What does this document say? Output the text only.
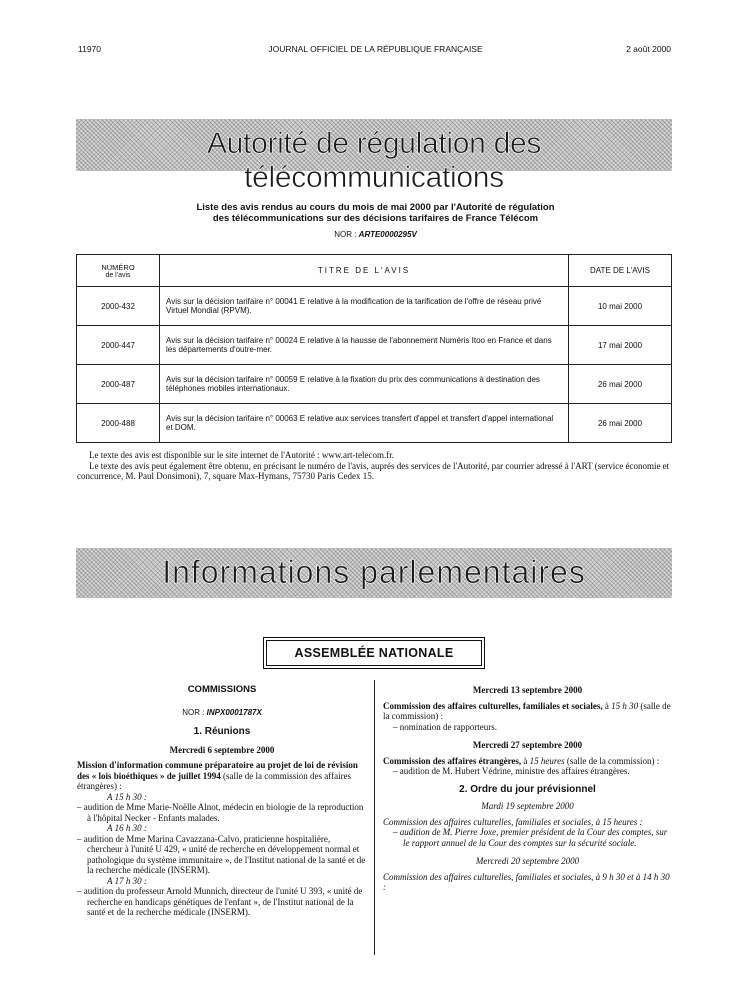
11970	JOURNAL OFFICIEL DE LA RÉPUBLIQUE FRANÇAISE	2 août 2000
Autorité de régulation des télécommunications
Liste des avis rendus au cours du mois de mai 2000 par l'Autorité de régulation
des télécommunications sur des décisions tarifaires de France Télécom
NOR : ARTE0000295V
NUMÉRO
de l'avis	TITRE DE L'AVIS	DATE DE L'AVIS
2000-432	Avis sur la décision tarifaire n° 00041 E relative à la modification de la tarification de l'offre de réseau privé Virtuel Mondial (RPVM).	10 mai 2000
2000-447	Avis sur la décision tarifaire n° 00024 E relative à la hausse de l'abonnement Numéris Itoo en France et dans les départements d'outre-mer.	17 mai 2000
2000-487	Avis sur la décision tarifaire n° 00059 E relative à la fixation du prix des communications à destination des téléphones mobiles internationaux.	26 mai 2000
2000-488	Avis sur la décision tarifaire n° 00063 E relative aux services transfert d'appel et transfert d'appel international et DOM.	26 mai 2000

Le texte des avis est disponible sur le site internet de l'Autorité : www.art-telecom.fr.

Le texte des avis peut également être obtenu, en précisant le numéro de l'avis, auprès des services de l'Autorité, par courrier adressé à l'ART (service économie et concurrence, M. Paul Donsimoni), 7, square Max-Hymans, 75730 Paris Cedex 15.

Informations parlementaires
ASSEMBLÉE NATIONALE
COMMISSIONS
NOR : INPX0001787X
1. Réunions
Mercredi 6 septembre 2000

Mission d'information commune préparatoire au projet de loi de révision des « lois bioéthiques » de juillet 1994 (salle de la commission des affaires étrangères) :

A 15 h 30 :

– audition de Mme Marie-Noëlle Alnot, médecin en biologie de la reproduction à l'hôpital Necker - Enfants malades.

A 16 h 30 :

– audition de Mme Marina Cavazzana-Calvo, praticienne hospitalière, chercheur à l'unité U 429, « unité de recherche en développement normal et pathologique du système immunitaire », de l'Institut national de la santé et de la recherche médicale (INSERM).

A 17 h 30 :

– audition du professeur Arnold Munnich, directeur de l'unité U 393, « unité de recherche en handicaps génétiques de l'enfant », de l'Institut national de la santé et de la recherche médicale (INSERM).

Mercredi 13 septembre 2000

Commission des affaires culturelles, familiales et sociales, à 15 h 30 (salle de la commission) :

– nomination de rapporteurs.

Mercredi 27 septembre 2000

Commission des affaires étrangères, à 15 heures (salle de la commission) :

– audition de M. Hubert Védrine, ministre des affaires étrangères.

2. Ordre du jour prévisionnel
Mardi 19 septembre 2000

Commission des affaires culturelles, familiales et sociales, à 15 heures :

– audition de M. Pierre Joxe, premier président de la Cour des comptes, sur le rapport annuel de la Cour des comptes sur la sécurité sociale.

Mercredi 20 septembre 2000

Commission des affaires culturelles, familiales et sociales, à 9 h 30 et à 14 h 30 :
